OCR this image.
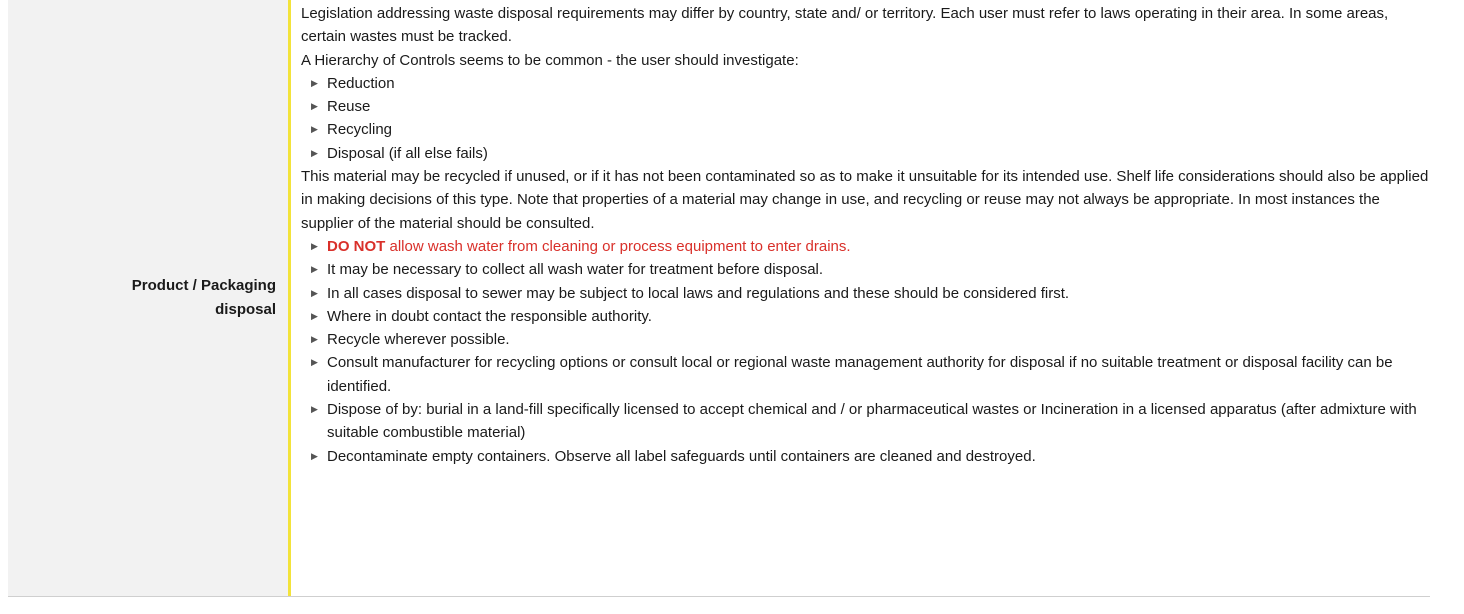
Product / Packaging
disposal

Legislation addressing waste disposal requirements may differ by country, state and/ or territory. Each user must refer to laws operating in their area. In some areas, certain wastes must be tracked.

A Hierarchy of Controls seems to be common - the user should investigate:

▶ Reduction
▶ Reuse
▶ Recycling
▶ Disposal (if all else fails)

This material may be recycled if unused, or if it has not been contaminated so as to make it unsuitable for its intended use. Shelf life considerations should also be applied in making decisions of this type. Note that properties of a material may change in use, and recycling or reuse may not always be appropriate. In most instances the supplier of the material should be consulted.

▶ DO NOT allow wash water from cleaning or process equipment to enter drains.
▶ It may be necessary to collect all wash water for treatment before disposal.
▶ In all cases disposal to sewer may be subject to local laws and regulations and these should be considered first.
▶ Where in doubt contact the responsible authority.
▶ Recycle wherever possible.
▶ Consult manufacturer for recycling options or consult local or regional waste management authority for disposal if no suitable treatment or disposal facility can be identified.
▶ Dispose of by: burial in a land-fill specifically licensed to accept chemical and / or pharmaceutical wastes or Incineration in a licensed apparatus (after admixture with suitable combustible material)
▶ Decontaminate empty containers. Observe all label safeguards until containers are cleaned and destroyed.
